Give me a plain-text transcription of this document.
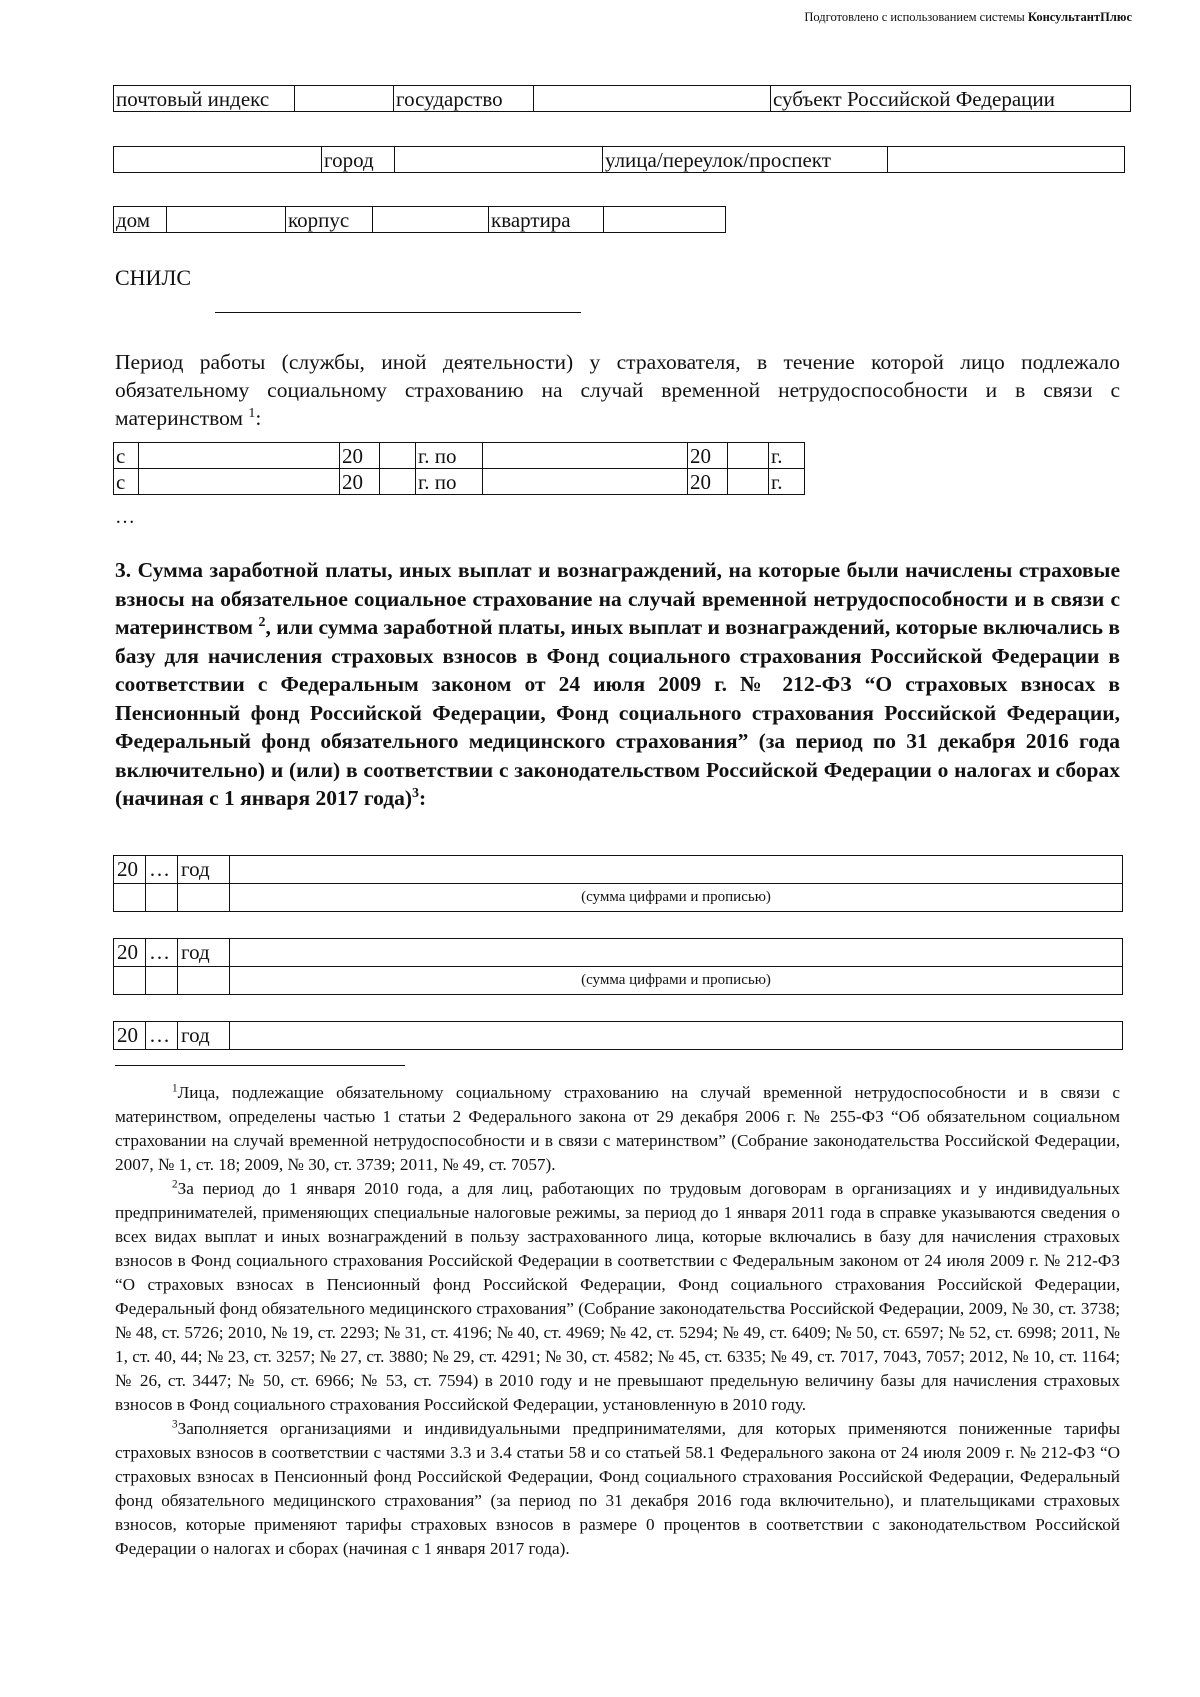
Подготовлено с использованием системы КонсультантПлюс
почтовый индекс		государство		субъект Российской Федерации
	город		улица/переулок/проспект	
дом		корпус		квартира	
СНИЛС
Период работы (службы, иной деятельности) у страхователя, в течение которой лицо подлежало обязательному социальному страхованию на случай временной нетрудоспособности и в связи с материнством $^1$:
с		20		г. по		20		г.
с		20		г. по		20		г.
…
3. Сумма заработной платы, иных выплат и вознаграждений, на которые были начислены страховые взносы на обязательное социальное страхование на случай временной нетрудоспособности и в связи с материнством $^2$, или сумма заработной платы, иных выплат и вознаграждений, которые включались в базу для начисления страховых взносов в Фонд социального страхования Российской Федерации в соответствии с Федеральным законом от 24 июля 2009 г. № 212-ФЗ “О страховых взносах в Пенсионный фонд Российской Федерации, Фонд социального страхования Российской Федерации, Федеральный фонд обязательного медицинского страхования” (за период по 31 декабря 2016 года включительно) и (или) в соответствии с законодательством Российской Федерации о налогах и сборах (начиная с 1 января 2017 года)$^3$:
20	…	год	
			(сумма цифрами и прописью)
20	…	год	
			(сумма цифрами и прописью)
20	…	год	

$^1$Лица, подлежащие обязательному социальному страхованию на случай временной нетрудоспособности и в связи с материнством, определены частью 1 статьи 2 Федерального закона от 29 декабря 2006 г. № 255-ФЗ “Об обязательном социальном страховании на случай временной нетрудоспособности и в связи с материнством” (Собрание законодательства Российской Федерации, 2007, № 1, ст. 18; 2009, № 30, ст. 3739; 2011, № 49, ст. 7057).

$^2$За период до 1 января 2010 года, а для лиц, работающих по трудовым договорам в организациях и у индивидуальных предпринимателей, применяющих специальные налоговые режимы, за период до 1 января 2011 года в справке указываются сведения о всех видах выплат и иных вознаграждений в пользу застрахованного лица, которые включались в базу для начисления страховых взносов в Фонд социального страхования Российской Федерации в соответствии с Федеральным законом от 24 июля 2009 г. № 212-ФЗ “О страховых взносах в Пенсионный фонд Российской Федерации, Фонд социального страхования Российской Федерации, Федеральный фонд обязательного медицинского страхования” (Собрание законодательства Российской Федерации, 2009, № 30, ст. 3738; № 48, ст. 5726; 2010, № 19, ст. 2293; № 31, ст. 4196; № 40, ст. 4969; № 42, ст. 5294; № 49, ст. 6409; № 50, ст. 6597; № 52, ст. 6998; 2011, № 1, ст. 40, 44; № 23, ст. 3257; № 27, ст. 3880; № 29, ст. 4291; № 30, ст. 4582; № 45, ст. 6335; № 49, ст. 7017, 7043, 7057; 2012, № 10, ст. 1164; № 26, ст. 3447; № 50, ст. 6966; № 53, ст. 7594) в 2010 году и не превышают предельную величину базы для начисления страховых взносов в Фонд социального страхования Российской Федерации, установленную в 2010 году.

$^3$Заполняется организациями и индивидуальными предпринимателями, для которых применяются пониженные тарифы страховых взносов в соответствии с частями 3.3 и 3.4 статьи 58 и со статьей 58.1 Федерального закона от 24 июля 2009 г. № 212-ФЗ “О страховых взносах в Пенсионный фонд Российской Федерации, Фонд социального страхования Российской Федерации, Федеральный фонд обязательного медицинского страхования” (за период по 31 декабря 2016 года включительно), и плательщиками страховых взносов, которые применяют тарифы страховых взносов в размере 0 процентов в соответствии с законодательством Российской Федерации о налогах и сборах (начиная с 1 января 2017 года).
